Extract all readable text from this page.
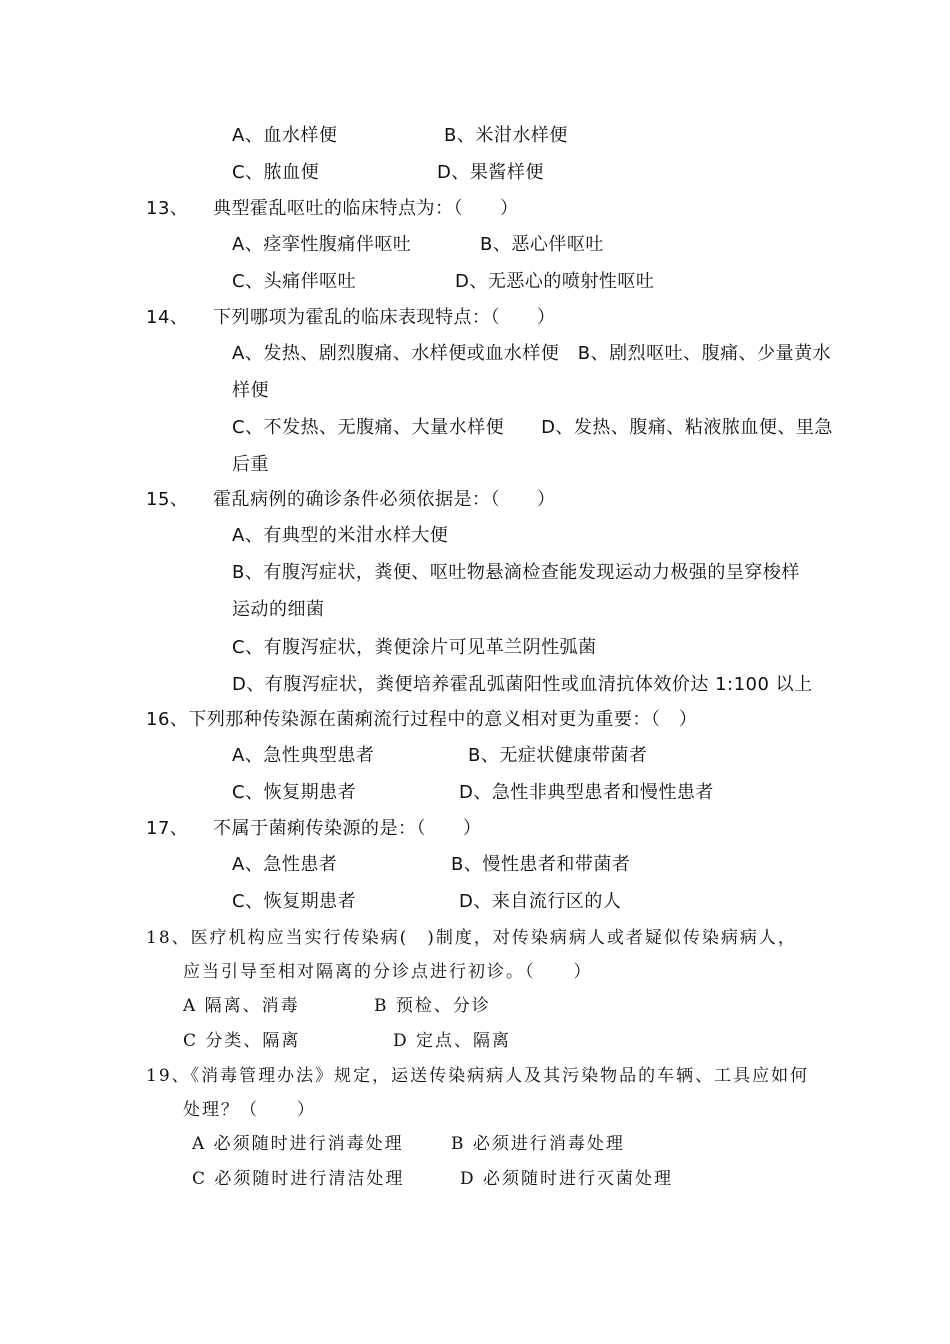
A、血水样便	B、米泔水样便
C、脓血便	D、果酱样便
13、 典型霍乱呕吐的临床特点为：（　　）
A、痉挛性腹痛伴呕吐	B、恶心伴呕吐
C、头痛伴呕吐	D、无恶心的喷射性呕吐
14、 下列哪项为霍乱的临床表现特点：（　　）
A、发热、剧烈腹痛、水样便或血水样便　B、剧烈呕吐、腹痛、少量黄水
样便
C、不发热、无腹痛、大量水样便　　D、发热、腹痛、粘液脓血便、里急
后重
15、 霍乱病例的确诊条件必须依据是：（　　）
A、有典型的米泔水样大便
B、有腹泻症状，粪便、呕吐物悬滴检查能发现运动力极强的呈穿梭样
运动的细菌
C、有腹泻症状，粪便涂片可见革兰阴性弧菌
D、有腹泻症状，粪便培养霍乱弧菌阳性或血清抗体效价达 1:100 以上
16、下列那种传染源在菌痢流行过程中的意义相对更为重要：（　）
A、急性典型患者	B、无症状健康带菌者
C、恢复期患者	D、急性非典型患者和慢性患者
17、 不属于菌痢传染源的是：（　　）
A、急性患者	B、慢性患者和带菌者
C、恢复期患者	D、来自流行区的人
18、医疗机构应当实行传染病(　)制度，对传染病病人或者疑似传染病病人，
应当引导至相对隔离的分诊点进行初诊。（　　）
A 隔离、消毒	B 预检、分诊
C 分类、隔离	D 定点、隔离
19、《消毒管理办法》规定，运送传染病病人及其污染物品的车辆、工具应如何
处理？（　　）
A 必须随时进行消毒处理	B 必须进行消毒处理
C 必须随时进行清洁处理	D 必须随时进行灭菌处理
